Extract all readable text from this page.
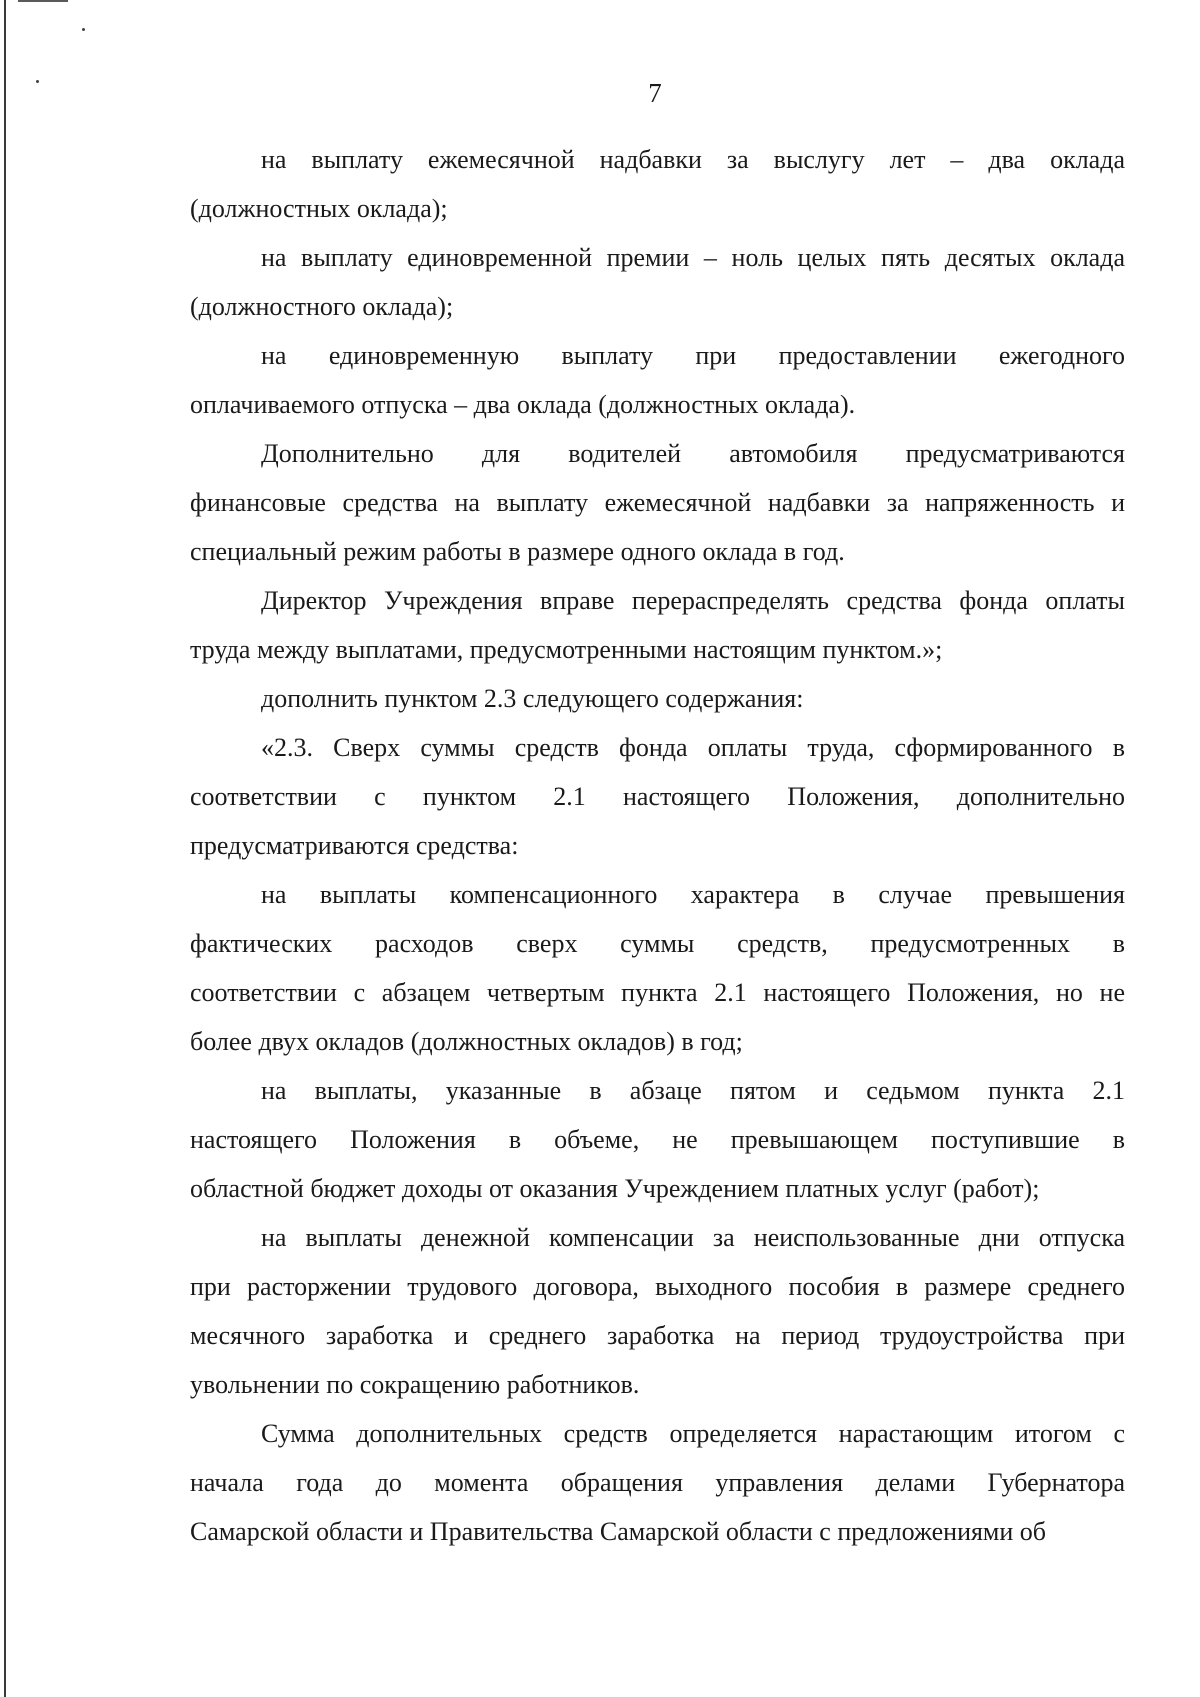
7
на выплату ежемесячной надбавки за выслугу лет – два оклада
(должностных оклада);
на выплату единовременной премии – ноль целых пять десятых оклада
(должностного оклада);
на единовременную выплату при предоставлении ежегодного
оплачиваемого отпуска – два оклада (должностных оклада).
Дополнительно для водителей автомобиля предусматриваются
финансовые средства на выплату ежемесячной надбавки за напряженность и
специальный режим работы в размере одного оклада в год.
Директор Учреждения вправе перераспределять средства фонда оплаты
труда между выплатами, предусмотренными настоящим пунктом.»;
дополнить пунктом 2.3 следующего содержания:
«2.3. Сверх суммы средств фонда оплаты труда, сформированного в
соответствии с пунктом 2.1 настоящего Положения, дополнительно
предусматриваются средства:
на выплаты компенсационного характера в случае превышения
фактических расходов сверх суммы средств, предусмотренных в
соответствии с абзацем четвертым пункта 2.1 настоящего Положения, но не
более двух окладов (должностных окладов) в год;
на выплаты, указанные в абзаце пятом и седьмом пункта 2.1
настоящего Положения в объеме, не превышающем поступившие в
областной бюджет доходы от оказания Учреждением платных услуг (работ);
на выплаты денежной компенсации за неиспользованные дни отпуска
при расторжении трудового договора, выходного пособия в размере среднего
месячного заработка и среднего заработка на период трудоустройства при
увольнении по сокращению работников.
Сумма дополнительных средств определяется нарастающим итогом с
начала года до момента обращения управления делами Губернатора
Самарской области и Правительства Самарской области с предложениями об
